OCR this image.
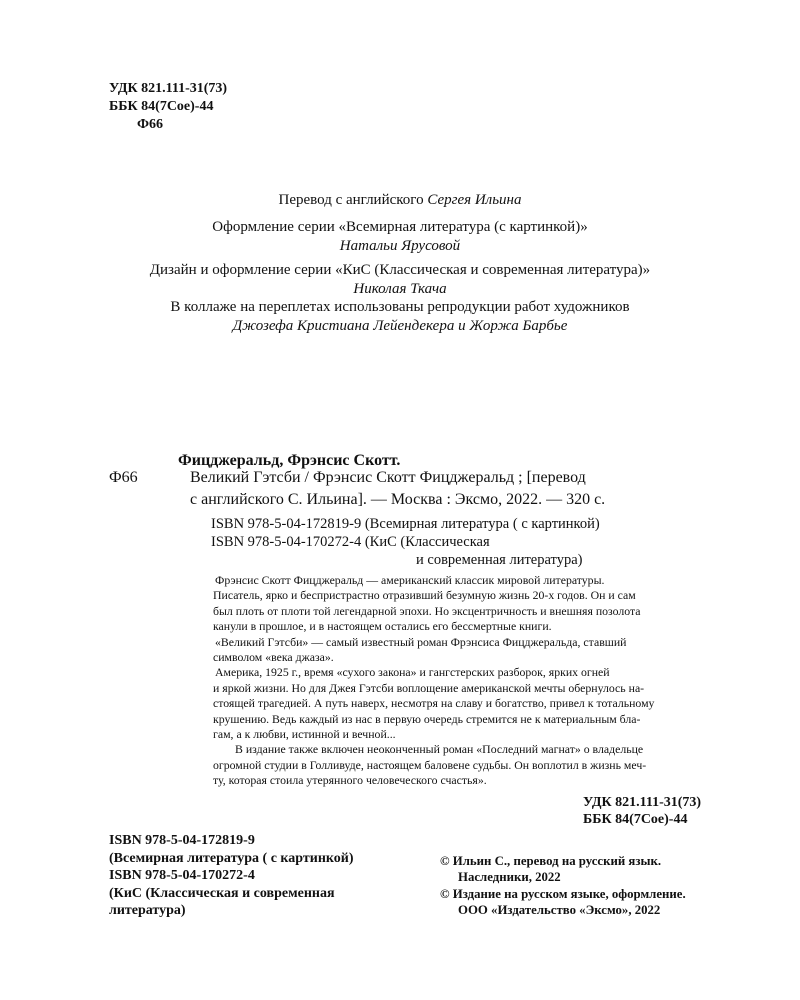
УДК 821.111-31(73)
ББК 84(7Сое)-44
Ф66
Перевод с английского Сергея Ильина
Оформление серии «Всемирная литература (с картинкой)»
Натальи Ярусовой
Дизайн и оформление серии «КиС (Классическая и современная литература)»
Николая Ткача
В коллаже на переплетах использованы репродукции работ художников
Джозефа Кристиана Лейендекера и Жоржа Барбье
Фицджеральд, Фрэнсис Скотт.
Ф66	Великий Гэтсби / Фрэнсис Скотт Фицджеральд ; [перевод
с английского С. Ильина]. — Москва : Эксмо, 2022. — 320 с.
ISBN 978-5-04-172819-9 (Всемирная литература ( с картинкой)
ISBN 978-5-04-170272-4 (КиС (Классическая
и современная литература)
Фрэнсис Скотт Фицджеральд — американский классик мировой литературы.
Писатель, ярко и беспристрастно отразивший безумную жизнь 20-х годов. Он и сам
был плоть от плоти той легендарной эпохи. Но эксцентричность и внешняя позолота
канули в прошлое, и в настоящем остались его бессмертные книги.
«Великий Гэтсби» — самый известный роман Фрэнсиса Фицджеральда, ставший
символом «века джаза».
Америка, 1925 г., время «сухого закона» и гангстерских разборок, ярких огней
и яркой жизни. Но для Джея Гэтсби воплощение американской мечты обернулось на-
стоящей трагедией. А путь наверх, несмотря на славу и богатство, привел к тотальному
крушению. Ведь каждый из нас в первую очередь стремится не к материальным бла-
гам, а к любви, истинной и вечной...
В издание также включен неоконченный роман «Последний магнат» о владельце
огромной студии в Голливуде, настоящем баловене судьбы. Он воплотил в жизнь меч-
ту, которая стоила утерянного человеческого счастья».
УДК 821.111-31(73)
ББК 84(7Сое)-44
ISBN 978-5-04-172819-9
(Всемирная литература ( с картинкой)
ISBN 978-5-04-170272-4
(КиС (Классическая и современная
литература)
© Ильин С., перевод на русский язык.
Наследники, 2022
© Издание на русском языке, оформление.
ООО «Издательство «Эксмо», 2022
